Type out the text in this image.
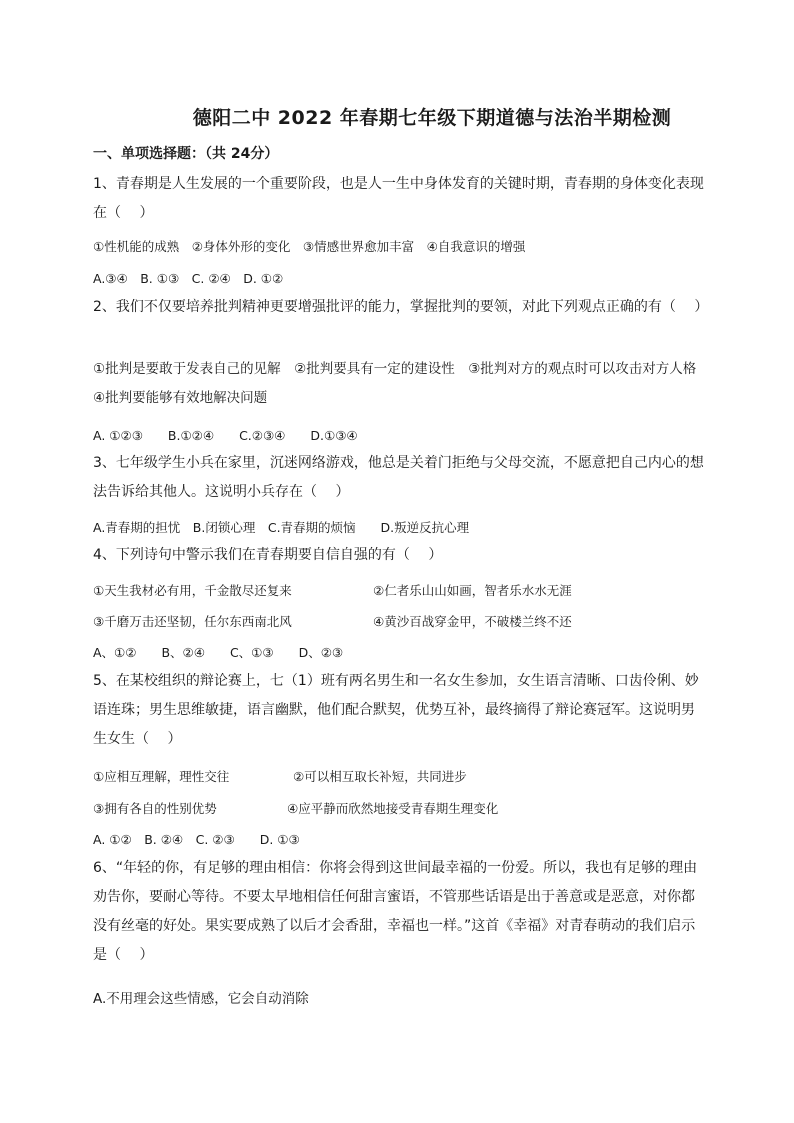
德阳二中 2022 年春期七年级下期道德与法治半期检测
一、单项选择题：（共 24分）

1、青春期是人生发展的一个重要阶段，也是人一生中身体发育的关键时期，青春期的身体变化表现在（　 ）

①性机能的成熟　②身体外形的变化　③情感世界愈加丰富　④自我意识的增强
A.③④　B. ①③　C. ②④　D. ①②

2、我们不仅要培养批判精神更要增强批评的能力，掌握批判的要领，对此下列观点正确的有（　 ）

①批判是要敢于发表自己的见解　②批判要具有一定的建设性　③批判对方的观点时可以攻击对方人格　④批判要能够有效地解决问题

A. ①②③　　B.①②④　　C.②③④　　D.①③④

3、七年级学生小兵在家里，沉迷网络游戏，他总是关着门拒绝与父母交流，不愿意把自己内心的想法告诉给其他人。这说明小兵存在（　 ）

A.青春期的担忧　B.闭锁心理　C.青春期的烦恼　　D.叛逆反抗心理

4、下列诗句中警示我们在青春期要自信自强的有（　 ）

①天生我材必有用，千金散尽还复来	②仁者乐山山如画，智者乐水水无涯
③千磨万击还坚韧，任尔东西南北风	④黄沙百战穿金甲，不破楼兰终不还
A、①②　　B、②④　　C、①③　　D、②③

5、在某校组织的辩论赛上，七（1）班有两名男生和一名女生参加，女生语言清晰、口齿伶俐、妙语连珠；男生思维敏捷，语言幽默，他们配合默契，优势互补，最终摘得了辩论赛冠军。这说明男生女生（　 ）

①应相互理解，理性交往	②可以相互取长补短，共同进步
③拥有各自的性别优势	④应平静而欣然地接受青春期生理变化
A. ①②　B. ②④　C. ②③　　D. ①③

6、“年轻的你，有足够的理由相信：你将会得到这世间最幸福的一份爱。所以，我也有足够的理由劝告你，要耐心等待。不要太早地相信任何甜言蜜语，不管那些话语是出于善意或是恶意，对你都没有丝毫的好处。果实要成熟了以后才会香甜，幸福也一样。”这首《幸福》对青春萌动的我们启示是（　 ）

A.不用理会这些情感，它会自动消除
